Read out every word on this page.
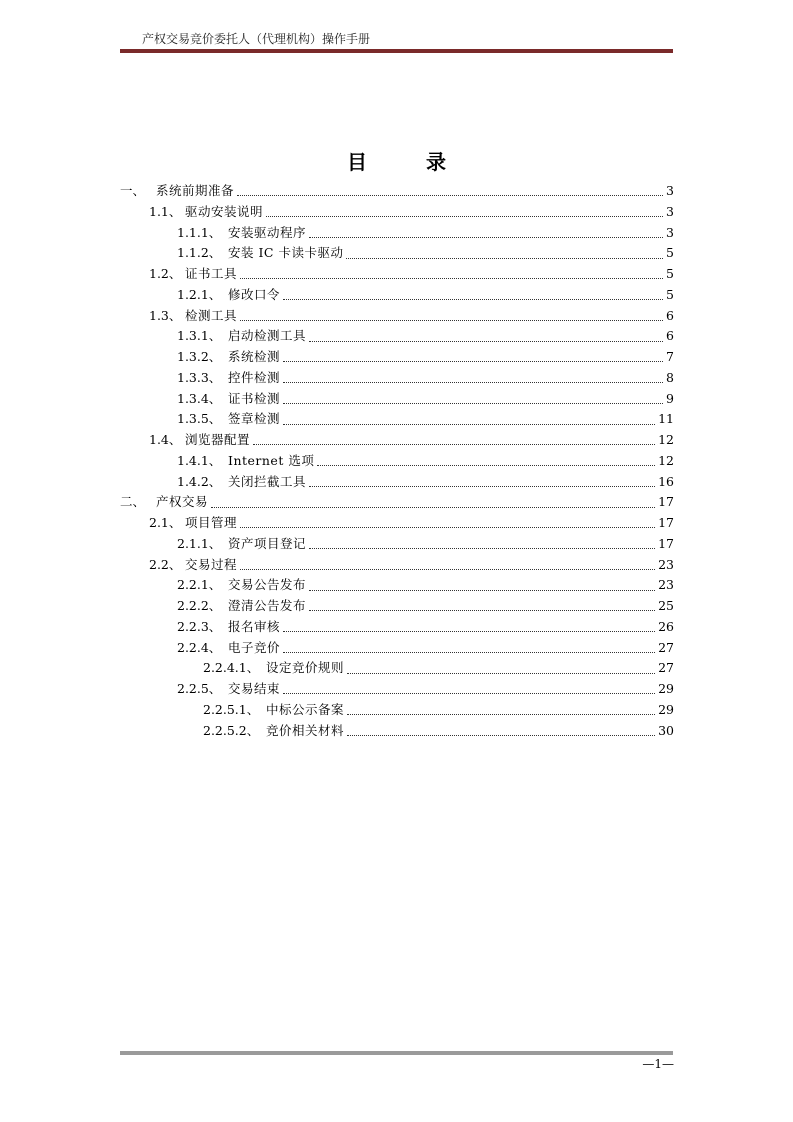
产权交易竞价委托人（代理机构）操作手册
目 录
一、 系统前期准备	3
1.1、 驱动安装说明	3
1.1.1、 安装驱动程序	3
1.1.2、 安装 IC 卡读卡驱动	5
1.2、 证书工具	5
1.2.1、 修改口令	5
1.3、 检测工具	6
1.3.1、 启动检测工具	6
1.3.2、 系统检测	7
1.3.3、 控件检测	8
1.3.4、 证书检测	9
1.3.5、 签章检测	11
1.4、 浏览器配置	12
1.4.1、 Internet 选项	12
1.4.2、 关闭拦截工具	16
二、 产权交易	17
2.1、 项目管理	17
2.1.1、 资产项目登记	17
2.2、 交易过程	23
2.2.1、 交易公告发布	23
2.2.2、 澄清公告发布	25
2.2.3、 报名审核	26
2.2.4、 电子竞价	27
2.2.4.1、 设定竞价规则	27
2.2.5、 交易结束	29
2.2.5.1、 中标公示备案	29
2.2.5.2、 竞价相关材料	30
—1—
